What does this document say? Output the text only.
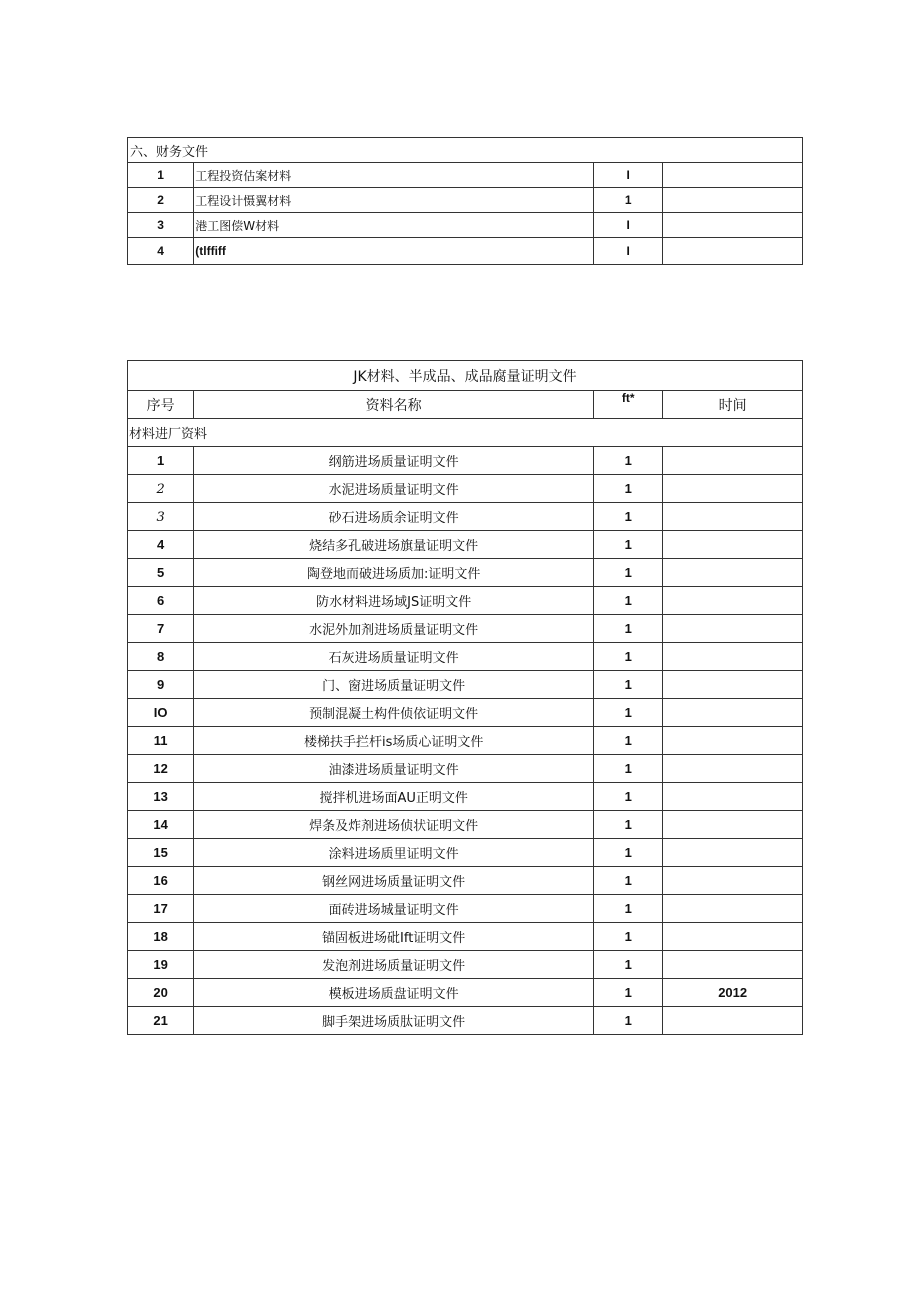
六、财务文件			
1	工程投资估案材料	I	
2	工程设计慑翼材料	1	
3	港工图偿W材料	I	
4	(tlffiff	I	
JK材料、半成品、成品腐量证明文件			
序号	资料名称	ft*	时间
材料进厂资料			
1	纲筋进场质量证明文件	1	
2	水泥进场质量证明文件	1	
3	砂石进场质余证明文件	1	
4	烧结多孔破进场旗量证明文件	1	
5	陶登地而破进场质加:证明文件	1	
6	防水材料进场域JS证明文件	1	
7	水泥外加剂进场质量证明文件	1	
8	石灰进场质量证明文件	1	
9	门、窗进场质量证明文件	1	
IO	预制混凝土构件侦依证明文件	1	
11	楼梯扶手拦杆is场质心证明文件	1	
12	油漆进场质量证明文件	1	
13	搅拌机进场面AU正明文件	1	
14	焊条及炸剂进场侦状证明文件	1	
15	涂料进场质里证明文件	1	
16	钢丝网进场质量证明文件	1	
17	面砖进场城量证明文件	1	
18	锚固板进场砒Ift证明文件	1	
19	发泡剂进场质量证明文件	1	
20	模板进场质盘证明文件	1	2012
21	脚手架进场质肽证明文件	1	
